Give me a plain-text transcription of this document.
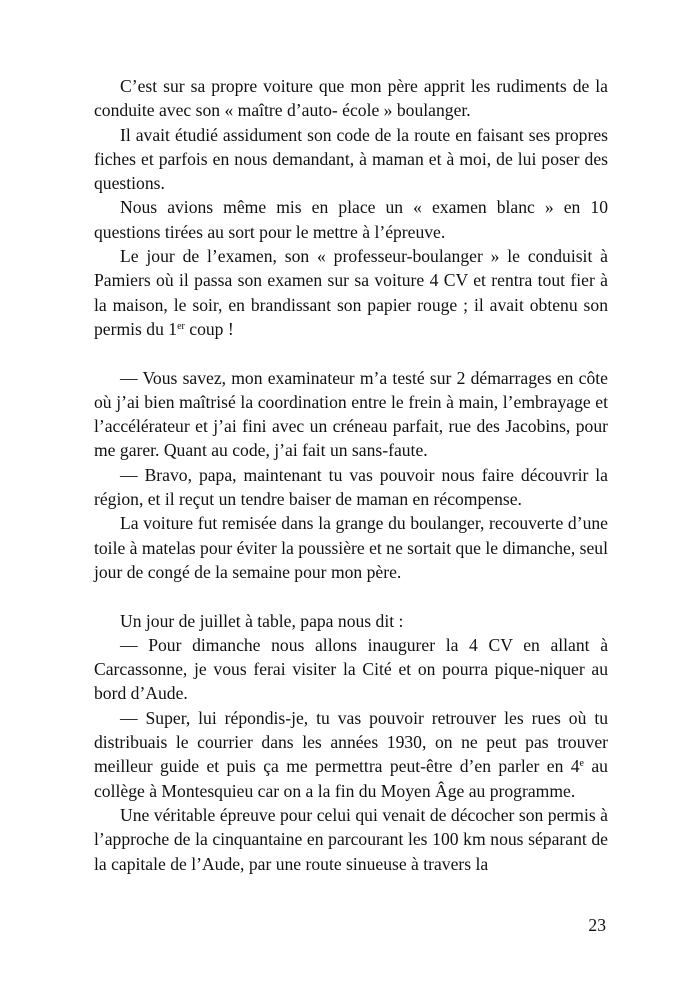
C’est sur sa propre voiture que mon père apprit les rudiments de la conduite avec son « maître d’auto- école » boulanger.

Il avait étudié assidument son code de la route en faisant ses propres fiches et parfois en nous demandant, à maman et à moi, de lui poser des questions.

Nous avions même mis en place un « examen blanc » en 10 questions tirées au sort pour le mettre à l’épreuve.

Le jour de l’examen, son « professeur-boulanger » le conduisit à Pamiers où il passa son examen sur sa voiture 4 CV et rentra tout fier à la maison, le soir, en brandissant son papier rouge ; il avait obtenu son permis du 1er coup !

— Vous savez, mon examinateur m’a testé sur 2 démarrages en côte où j’ai bien maîtrisé la coordination entre le frein à main, l’embrayage et l’accélérateur et j’ai fini avec un créneau parfait, rue des Jacobins, pour me garer. Quant au code, j’ai fait un sans-faute.

— Bravo, papa, maintenant tu vas pouvoir nous faire découvrir la région, et il reçut un tendre baiser de maman en récompense.

La voiture fut remisée dans la grange du boulanger, recouverte d’une toile à matelas pour éviter la poussière et ne sortait que le dimanche, seul jour de congé de la semaine pour mon père.

Un jour de juillet à table, papa nous dit :

— Pour dimanche nous allons inaugurer la 4 CV en allant à Carcassonne, je vous ferai visiter la Cité et on pourra pique-niquer au bord d’Aude.

— Super, lui répondis-je, tu vas pouvoir retrouver les rues où tu distribuais le courrier dans les années 1930, on ne peut pas trouver meilleur guide et puis ça me permettra peut-être d’en parler en 4e au collège à Montesquieu car on a la fin du Moyen Âge au programme.

Une véritable épreuve pour celui qui venait de décocher son permis à l’approche de la cinquantaine en parcourant les 100 km nous séparant de la capitale de l’Aude, par une route sinueuse à travers la

23
